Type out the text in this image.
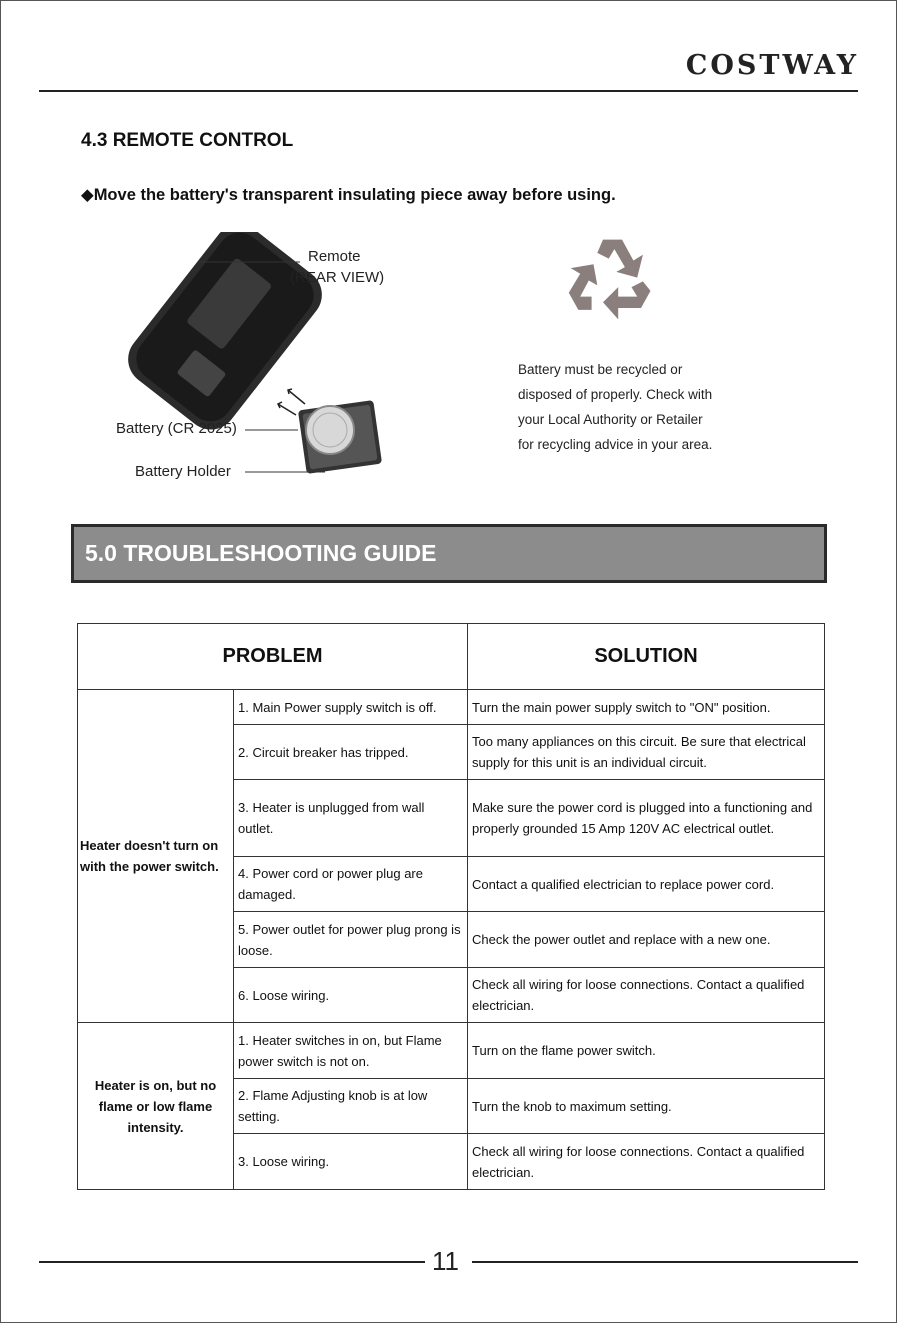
COSTWAY
4.3 REMOTE CONTROL
◆Move the battery's transparent insulating piece away before using.
Remote
(REAR VIEW)
Battery (CR 2025)
Battery Holder
Battery must be recycled or
disposed of properly. Check with
your Local Authority or Retailer
for recycling advice in your area.
5.0 TROUBLESHOOTING GUIDE
PROBLEM		SOLUTION
Heater doesn't turn on with the power switch.	1. Main Power supply switch is off.	Turn the main power supply switch to "ON" position.
	2. Circuit breaker has tripped.	Too many appliances on this circuit. Be sure that electrical supply for this unit is an individual circuit.
	3. Heater is unplugged from wall outlet.	Make sure the power cord is plugged into a functioning and properly grounded 15 Amp 120V AC electrical outlet.
	4. Power cord or power plug are damaged.	Contact a qualified electrician to replace power cord.
	5. Power outlet for power plug prong is loose.	Check the power outlet and replace with a new one.
	6. Loose wiring.	Check all wiring for loose connections. Contact a qualified electrician.
Heater is on, but no flame or low flame intensity.	1. Heater switches in on, but Flame power switch is not on.	Turn on the flame power switch.
	2. Flame Adjusting knob is at low setting.	Turn the knob to maximum setting.
	3. Loose wiring.	Check all wiring for loose connections. Contact a qualified electrician.
11
